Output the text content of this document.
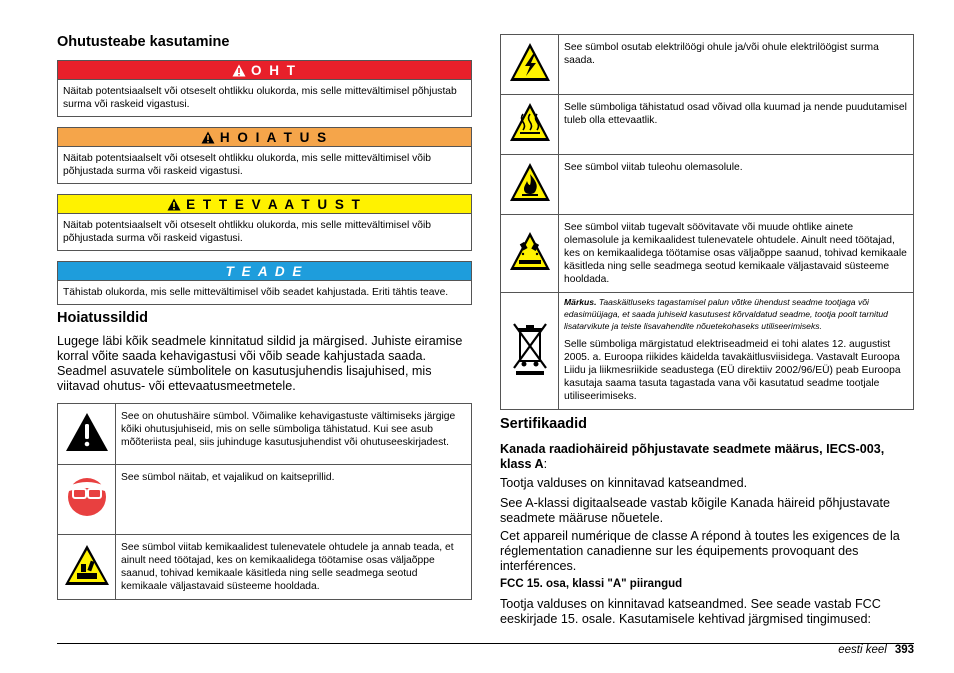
Ohutusteabe kasutamine
O H T
Näitab potentsiaalselt või otseselt ohtlikku olukorda, mis selle mittevältimisel põhjustab surma või raskeid vigastusi.
H O I A T U S
Näitab potentsiaalselt või otseselt ohtlikku olukorda, mis selle mittevältimisel võib põhjustada surma või raskeid vigastusi.
E T T E V A A T U S T
Näitab potentsiaalselt või otseselt ohtlikku olukorda, mis selle mittevältimisel võib põhjustada surma või raskeid vigastusi.
T E A D E
Tähistab olukorda, mis selle mittevältimisel võib seadet kahjustada. Eriti tähtis teave.
Hoiatussildid

Lugege läbi kõik seadmele kinnitatud sildid ja märgised. Juhiste eiramise korral võite saada kehavigastusi või võib seade kahjustada saada. Seadmel asuvatele sümbolitele on kasutusjuhendis lisajuhised, mis viitavad ohutus- või ettevaatusmeetmetele.

	See on ohutushäire sümbol. Võimalike kehavigastuste vältimiseks järgige kõiki ohutusjuhiseid, mis on selle sümboliga tähistatud. Kui see asub mõõteriista peal, siis juhinduge kasutusjuhendist või ohutuseeskirjadest.
	See sümbol näitab, et vajalikud on kaitseprillid.
	See sümbol viitab kemikaalidest tulenevatele ohtudele ja annab teada, et ainult need töötajad, kes on kemikaalidega töötamise osas väljaõppe saanud, tohivad kemikaale käsitleda ning selle seadmega seotud kemikaale väljastavaid süsteeme hooldada.
	See sümbol osutab elektrilöögi ohule ja/või ohule elektrilöögist surma saada.
	Selle sümboliga tähistatud osad võivad olla kuumad ja nende puudutamisel tuleb olla ettevaatlik.
	See sümbol viitab tuleohu olemasolule.
	See sümbol viitab tugevalt söövitavate või muude ohtlike ainete olemasolule ja kemikaalidest tulenevatele ohtudele. Ainult need töötajad, kes on kemikaalidega töötamise osas väljaõppe saanud, tohivad kemikaale käsitleda ning selle seadmega seotud kemikaale väljastavaid süsteeme hooldada.

Märkus. Taaskäitluseks tagastamisel palun võtke ühendust seadme tootjaga või edasimüüjaga, et saada juhiseid kasutusest kõrvaldatud seadme, tootja poolt tarnitud lisatarvikute ja teiste lisavahendite nõuetekohaseks utiliseerimiseks.
Selle sümboliga märgistatud elektriseadmeid ei tohi alates 12. augustist 2005. a. Euroopa riikides käidelda tavakäitlusviisidega. Vastavalt Euroopa Liidu ja liikmesriikide seadustega (EÜ direktiiv 2002/96/EÜ) peab Euroopa kasutaja saama tasuta tagastada vana või kasutatud seadme tootjale utiliseerimiseks.
Sertifikaadid
Kanada raadiohäireid põhjustavate seadmete määrus, IECS-003, klass A:

Tootja valduses on kinnitavad katseandmed.

See A-klassi digitaalseade vastab kõigile Kanada häireid põhjustavate seadmete määruse nõuetele.

Cet appareil numérique de classe A répond à toutes les exigences de la réglementation canadienne sur les équipements provoquant des interférences.

FCC 15. osa, klassi "A" piirangud

Tootja valduses on kinnitavad katseandmed. See seade vastab FCC eeskirjade 15. osale. Kasutamisele kehtivad järgmised tingimused:

eesti keel 393
